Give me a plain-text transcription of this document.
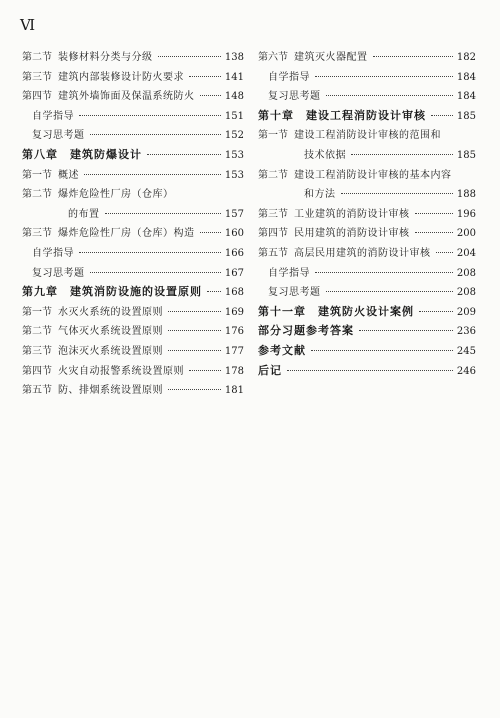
Ⅵ
第二节 装修材料分类与分级	138
第三节 建筑内部装修设计防火要求	141
第四节 建筑外墙饰面及保温系统防火	148
自学指导	151
复习思考题	152
第八章　建筑防爆设计	153
第一节 概述	153
第二节 爆炸危险性厂房（仓库）
的布置	157
第三节 爆炸危险性厂房（仓库）构造	160
自学指导	166
复习思考题	167
第九章　建筑消防设施的设置原则 168
第一节 水灭火系统的设置原则	169
第二节 气体灭火系统设置原则	176
第三节 泡沫灭火系统设置原则	177
第四节 火灾自动报警系统设置原则	178
第五节 防、排烟系统设置原则	181
第六节 建筑灭火器配置	182
自学指导	184
复习思考题	184
第十章　建设工程消防设计审核	185
第一节 建设工程消防设计审核的范围和
技术依据	185
第二节 建设工程消防设计审核的基本内容
和方法	188
第三节 工业建筑的消防设计审核	196
第四节 民用建筑的消防设计审核	200
第五节 高层民用建筑的消防设计审核	204
自学指导	208
复习思考题	208
第十一章　建筑防火设计案例	209
部分习题参考答案	236
参考文献	245
后记	246
